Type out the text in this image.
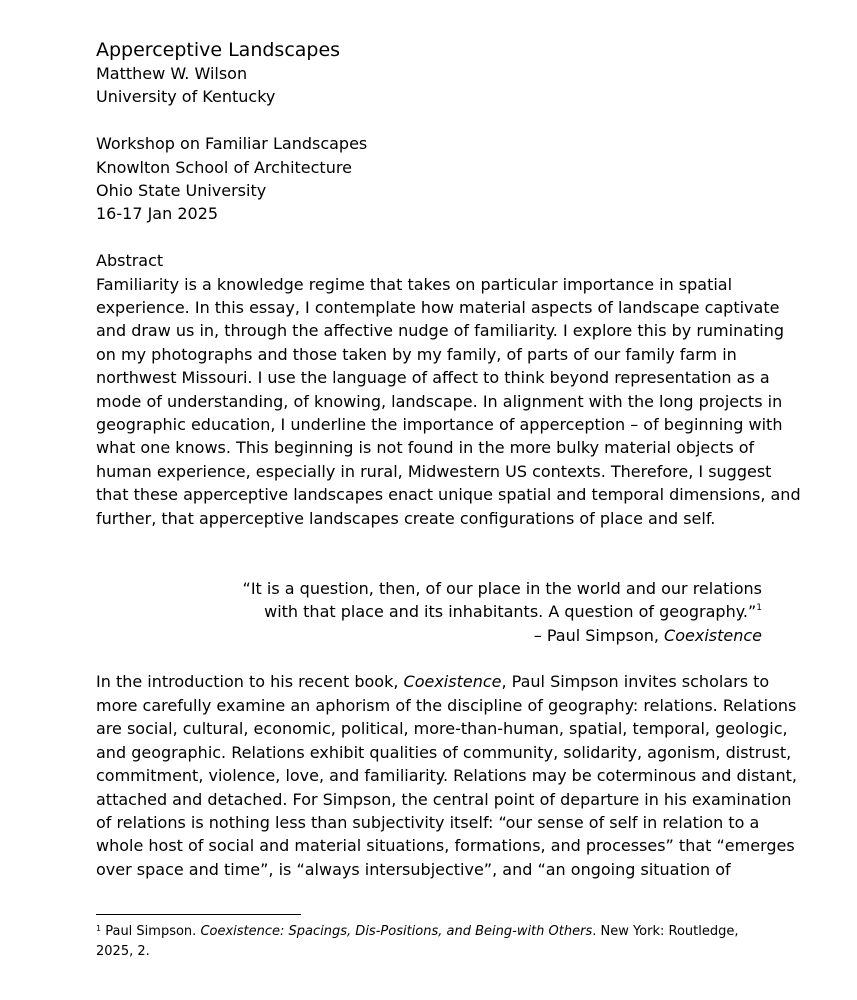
Apperceptive Landscapes

Matthew W. Wilson

University of Kentucky

Workshop on Familiar Landscapes

Knowlton School of Architecture

Ohio State University

16-17 Jan 2025

Abstract

Familiarity is a knowledge regime that takes on particular importance in spatial

experience. In this essay, I contemplate how material aspects of landscape captivate

and draw us in, through the affective nudge of familiarity. I explore this by ruminating

on my photographs and those taken by my family, of parts of our family farm in

northwest Missouri. I use the language of affect to think beyond representation as a

mode of understanding, of knowing, landscape. In alignment with the long projects in

geographic education, I underline the importance of apperception – of beginning with

what one knows. This beginning is not found in the more bulky material objects of

human experience, especially in rural, Midwestern US contexts. Therefore, I suggest

that these apperceptive landscapes enact unique spatial and temporal dimensions, and

further, that apperceptive landscapes create configurations of place and self.

“It is a question, then, of our place in the world and our relations
with that place and its inhabitants. A question of geography.”$^1$
– Paul Simpson, Coexistence

In the introduction to his recent book, Coexistence, Paul Simpson invites scholars to

more carefully examine an aphorism of the discipline of geography: relations. Relations

are social, cultural, economic, political, more-than-human, spatial, temporal, geologic,

and geographic. Relations exhibit qualities of community, solidarity, agonism, distrust,

commitment, violence, love, and familiarity. Relations may be coterminous and distant,

attached and detached. For Simpson, the central point of departure in his examination

of relations is nothing less than subjectivity itself: “our sense of self in relation to a

whole host of social and material situations, formations, and processes” that “emerges

over space and time”, is “always intersubjective”, and “an ongoing situation of

$^1$ Paul Simpson. Coexistence: Spacings, Dis-Positions, and Being-with Others. New York: Routledge,
2025, 2.
